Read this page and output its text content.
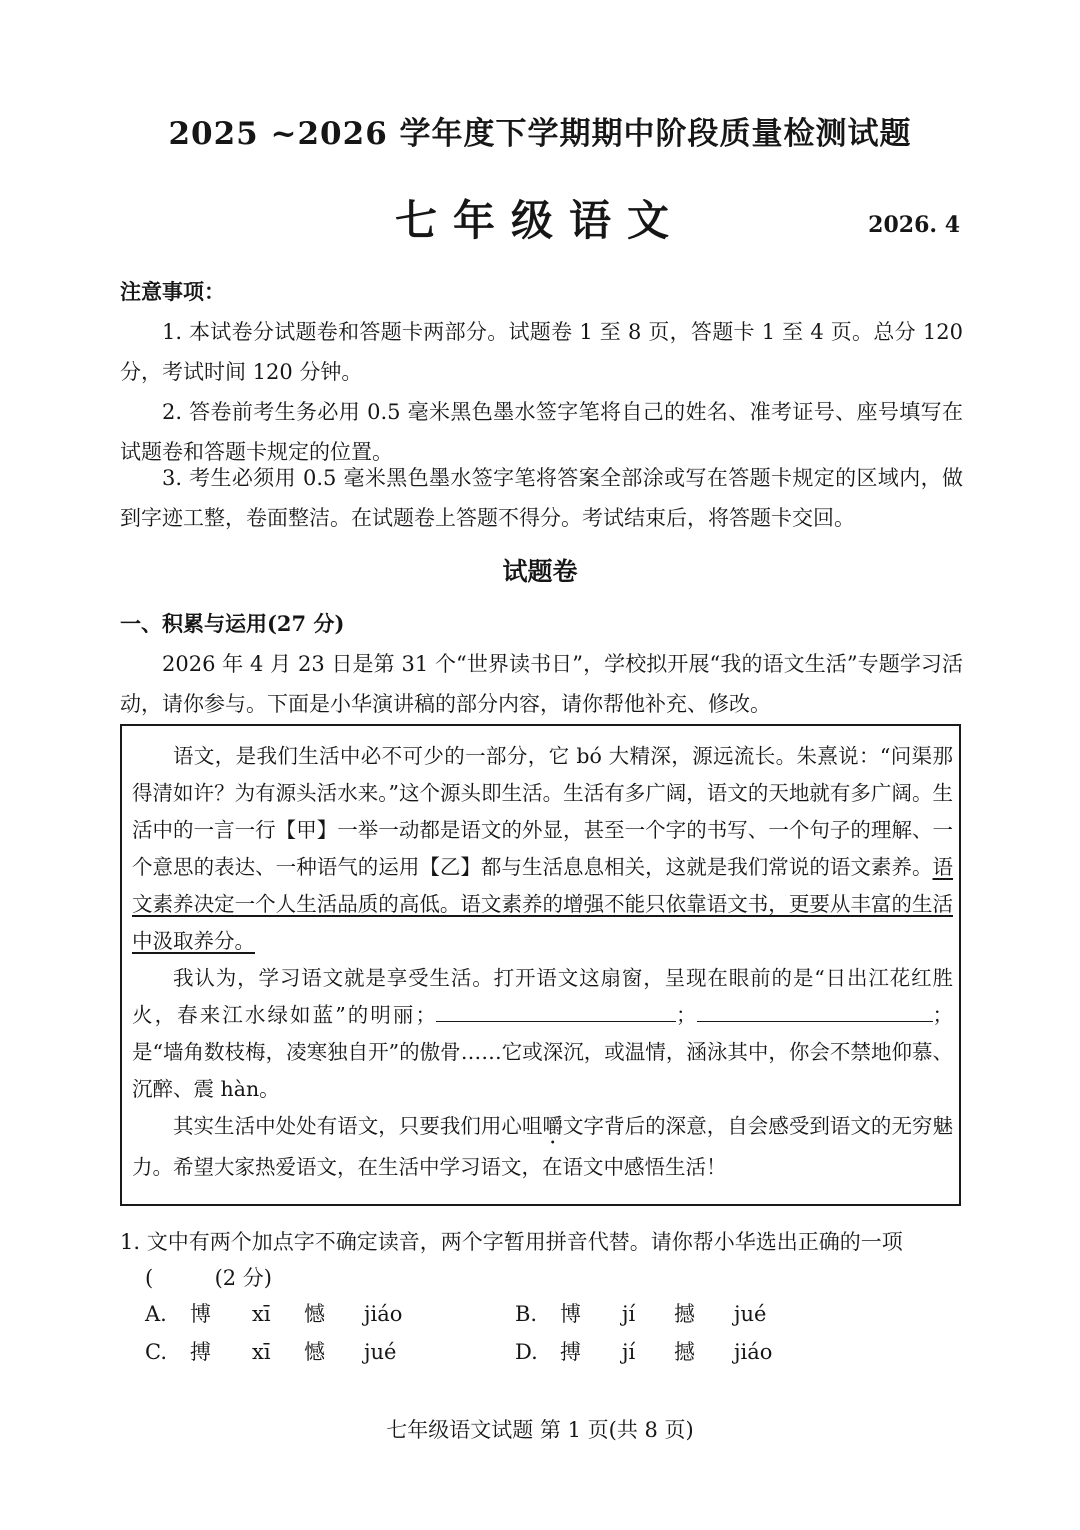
2025 ~2026 学年度下学期期中阶段质量检测试题
七年级语文	2026. 4
注意事项：
1. 本试卷分试题卷和答题卡两部分。试题卷 1 至 8 页，答题卡 1 至 4 页。总分 120 分，考试时间 120 分钟。
2. 答卷前考生务必用 0.5 毫米黑色墨水签字笔将自己的姓名、准考证号、座号填写在试题卷和答题卡规定的位置。
3. 考生必须用 0.5 毫米黑色墨水签字笔将答案全部涂或写在答题卡规定的区域内，做到字迹工整，卷面整洁。在试题卷上答题不得分。考试结束后，将答题卡交回。
试题卷
一、积累与运用(27 分)
2026 年 4 月 23 日是第 31 个“世界读书日”，学校拟开展“我的语文生活”专题学习活动，请你参与。下面是小华演讲稿的部分内容，请你帮他补充、修改。
语文，是我们生活中必不可少的一部分，它 bó 大精深，源远流长。朱熹说：“问渠那得清如许？为有源头活水来。”这个源头即生活。生活有多广阔，语文的天地就有多广阔。生活中的一言一行【甲】一举一动都是语文的外显，甚至一个字的书写、一个句子的理解、一个意思的表达、一种语气的运用【乙】都与生活息息相关，这就是我们常说的语文素养。语文素养决定一个人生活品质的高低。语文素养的增强不能只依靠语文书，更要从丰富的生活中汲取养分。
我认为，学习语文就是享受生活。打开语文这扇窗，呈现在眼前的是“日出江花红胜火，春来江水绿如蓝”的明丽；	；	；是“墙角数枝梅，凌寒独自开”的傲骨……它或深沉，或温情，涵泳其中，你会不禁地仰慕、沉醉、震 hàn。
其实生活中处处有语文，只要我们用心咀嚼文字背后的深意，自会感受到语文的无穷魅力。希望大家热爱语文，在生活中学习语文，在语文中感悟生活！
1. 文中有两个加点字不确定读音，两个字暂用拼音代替。请你帮小华选出正确的一项
(	(2 分)
A. 博 xī 憾 jiáo	B. 博 jí 撼 jué
C. 搏 xī 憾 jué	D. 搏 jí 撼 jiáo
七年级语文试题 第 1 页(共 8 页)
